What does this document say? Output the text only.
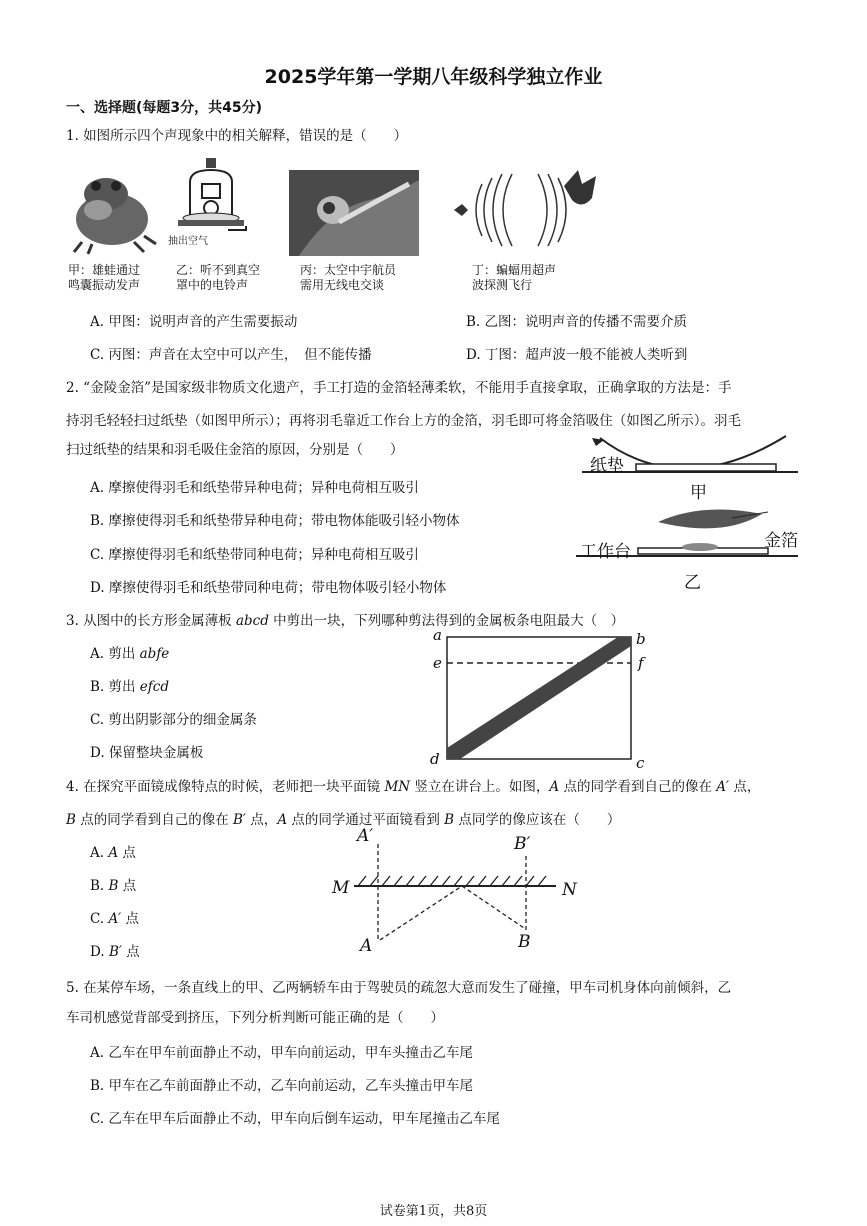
2025学年第一学期八年级科学独立作业
一、选择题(每题3分，共45分)
1. 如图所示四个声现象中的相关解释，错误的是（　　）
抽出空气
甲：雄蛙通过
鸣囊振动发声
乙：听不到真空
罩中的电铃声
丙：太空中宇航员
需用无线电交谈
丁：蝙蝠用超声
波探测飞行
A. 甲图：说明声音的产生需要振动	B. 乙图：说明声音的传播不需要介质
C. 丙图：声音在太空中可以产生，　但不能传播	D. 丁图：超声波一般不能被人类听到
2. “金陵金箔”是国家级非物质文化遗产，手工打造的金箔轻薄柔软，不能用手直接拿取，正确拿取的方法是：手
持羽毛轻轻扫过纸垫（如图甲所示）；再将羽毛靠近工作台上方的金箔，羽毛即可将金箔吸住（如图乙所示）。羽毛
扫过纸垫的结果和羽毛吸住金箔的原因，分别是（　　）
纸垫
甲
工作台
金箔
乙
A. 摩擦使得羽毛和纸垫带异种电荷；异种电荷相互吸引
B. 摩擦使得羽毛和纸垫带异种电荷；带电物体能吸引轻小物体
C. 摩擦使得羽毛和纸垫带同种电荷；异种电荷相互吸引
D. 摩擦使得羽毛和纸垫带同种电荷；带电物体吸引轻小物体
3. 从图中的长方形金属薄板 abcd 中剪出一块，下列哪种剪法得到的金属板条电阻最大（　）
A. 剪出 abfe
B. 剪出 efcd
C. 剪出阴影部分的细金属条
D. 保留整块金属板
a	b
e	f
d	c
4. 在探究平面镜成像特点的时候，老师把一块平面镜 MN 竖立在讲台上。如图，A 点的同学看到自己的像在 A′ 点，
B 点的同学看到自己的像在 B′ 点，A 点的同学通过平面镜看到 B 点同学的像应该在（　　）
A. A 点
B. B 点
C. A′ 点
D. B′ 点
A′	B′
M	N
A	B
5. 在某停车场，一条直线上的甲、乙两辆轿车由于驾驶员的疏忽大意而发生了碰撞，甲车司机身体向前倾斜，乙
车司机感觉背部受到挤压，下列分析判断可能正确的是（　　）
A. 乙车在甲车前面静止不动，甲车向前运动，甲车头撞击乙车尾
B. 甲车在乙车前面静止不动，乙车向前运动，乙车头撞击甲车尾
C. 乙车在甲车后面静止不动，甲车向后倒车运动，甲车尾撞击乙车尾
试卷第1页，共8页
